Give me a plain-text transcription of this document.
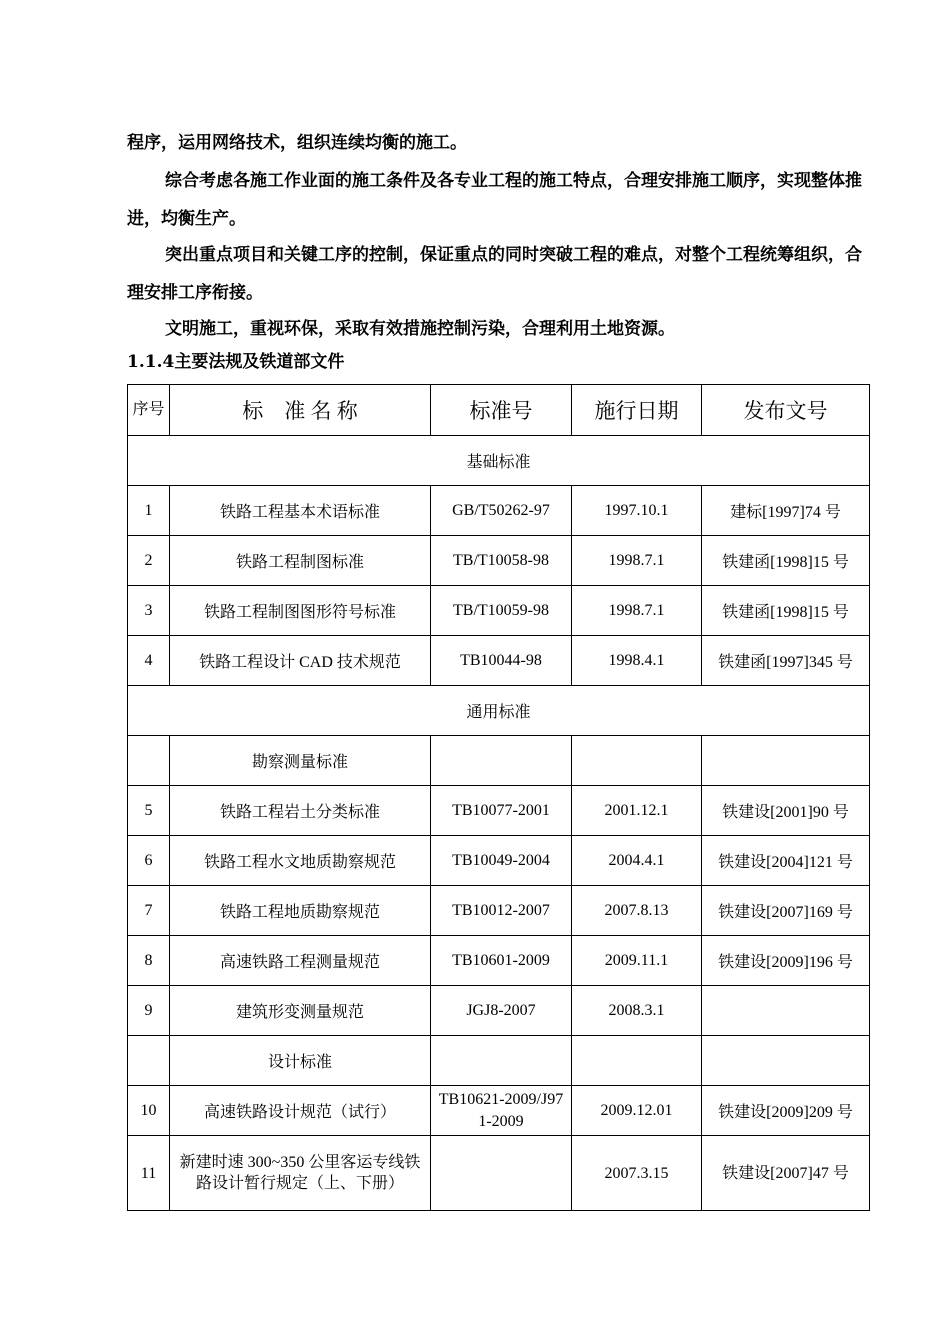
程序，运用网络技术，组织连续均衡的施工。

综合考虑各施工作业面的施工条件及各专业工程的施工特点，合理安排施工顺序，实现整体推进，均衡生产。

突出重点项目和关键工序的控制，保证重点的同时突破工程的难点，对整个工程统筹组织，合理安排工序衔接。

文明施工，重视环保，采取有效措施控制污染，合理利用土地资源。

1.1.4主要法规及铁道部文件

序号	标　准 名 称	标准号	施行日期	发布文号
基础标准				
1	铁路工程基本术语标准	GB/T50262-97	1997.10.1	建标[1997]74 号
2	铁路工程制图标准	TB/T10058-98	1998.7.1	铁建函[1998]15 号
3	铁路工程制图图形符号标准	TB/T10059-98	1998.7.1	铁建函[1998]15 号
4	铁路工程设计 CAD 技术规范	TB10044-98	1998.4.1	铁建函[1997]345 号
通用标准				
	勘察测量标准			
5	铁路工程岩土分类标准	TB10077-2001	2001.12.1	铁建设[2001]90 号
6	铁路工程水文地质勘察规范	TB10049-2004	2004.4.1	铁建设[2004]121 号
7	铁路工程地质勘察规范	TB10012-2007	2007.8.13	铁建设[2007]169 号
8	高速铁路工程测量规范	TB10601-2009	2009.11.1	铁建设[2009]196 号
9	建筑形变测量规范	JGJ8-2007	2008.3.1	
	设计标准			
10	高速铁路设计规范（试行）	TB10621-2009/J971-2009	2009.12.01	铁建设[2009]209 号
11	新建时速 300~350 公里客运专线铁路设计暂行规定（上、下册）		2007.3.15	铁建设[2007]47 号
